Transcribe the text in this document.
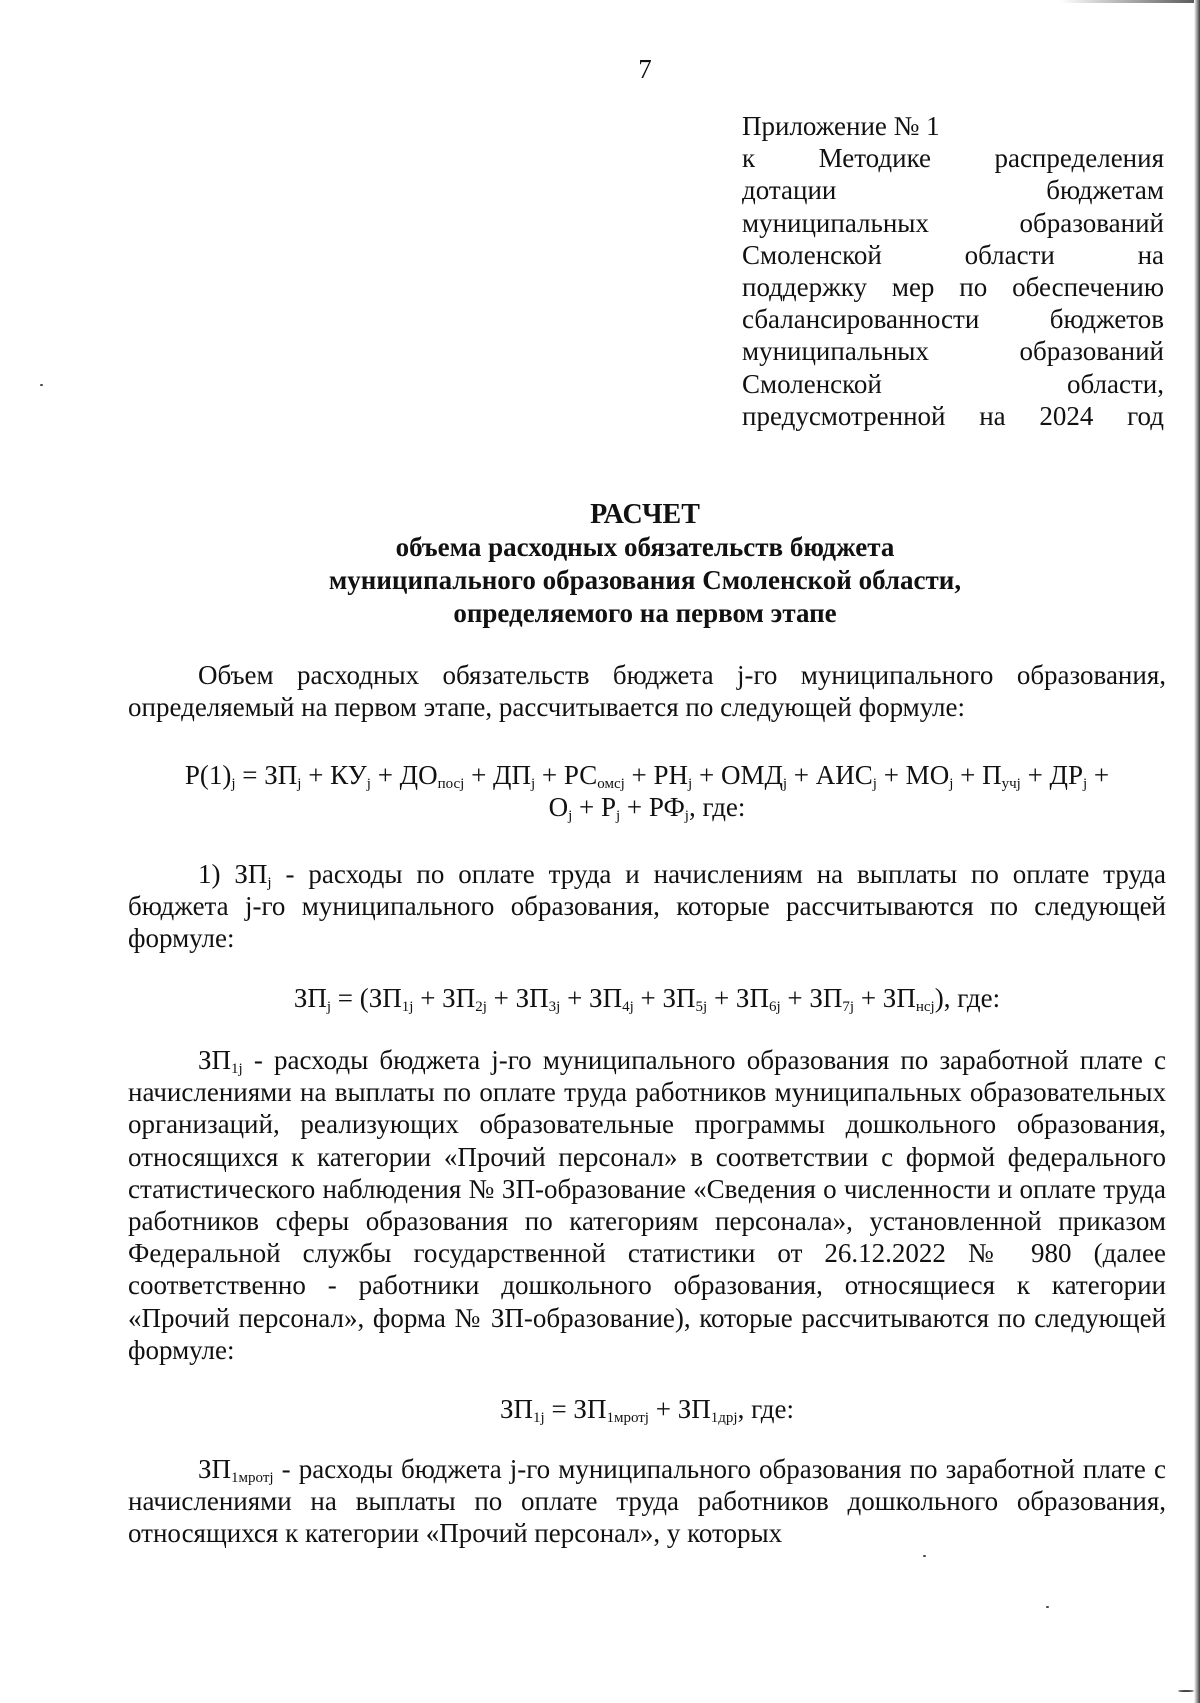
7
Приложение № 1
к Методике распределения
дотации бюджетам
муниципальных образований
Смоленской области на
поддержку мер по обеспечению
сбалансированности бюджетов
муниципальных образований
Смоленской области,
предусмотренной на 2024 год
РАСЧЕТ
объема расходных обязательств бюджета
муниципального образования Смоленской области,
определяемого на первом этапе

Объем расходных обязательств бюджета j-го муниципального образования, определяемый на первом этапе, рассчитывается по следующей формуле:

$Р(1)_j = ЗП_j + КУ_j + ДО_{посj} + ДП_j + РС_{омсj} + РН_j + ОМД_j + АИС_j + МО_j + П_{учj} + ДР_j$ +
$О_j + Р_j + РФ_j$, где:

1) $ЗП_j$ - расходы по оплате труда и начислениям на выплаты по оплате труда бюджета j-го муниципального образования, которые рассчитываются по следующей формуле:

$ЗП_j = (ЗП_{1j} + ЗП_{2j} + ЗП_{3j} + ЗП_{4j} + ЗП_{5j} + ЗП_{6j} + ЗП_{7j} + ЗП_{нсj})$, где:

$ЗП_{1j}$ - расходы бюджета j-го муниципального образования по заработной плате с начислениями на выплаты по оплате труда работников муниципальных образовательных организаций, реализующих образовательные программы дошкольного образования, относящихся к категории «Прочий персонал» в соответствии с формой федерального статистического наблюдения № ЗП-образование «Сведения о численности и оплате труда работников сферы образования по категориям персонала», установленной приказом Федеральной службы государственной статистики от 26.12.2022 № 980 (далее соответственно - работники дошкольного образования, относящиеся к категории «Прочий персонал», форма № ЗП-образование), которые рассчитываются по следующей формуле:

$ЗП_{1j} = ЗП_{1мротj} + ЗП_{1дрj}$, где:

$ЗП_{1мротj}$ - расходы бюджета j-го муниципального образования по заработной плате с начислениями на выплаты по оплате труда работников дошкольного образования, относящихся к категории «Прочий персонал», у которых
